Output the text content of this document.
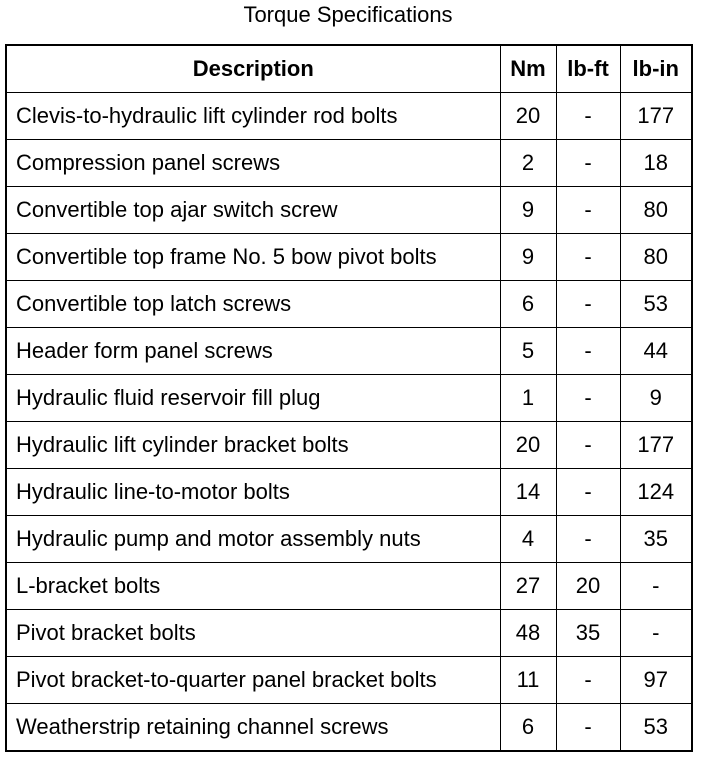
Torque Specifications
Description	Nm	lb-ft	lb-in
Clevis-to-hydraulic lift cylinder rod bolts	20	-	177
Compression panel screws	2	-	18
Convertible top ajar switch screw	9	-	80
Convertible top frame No. 5 bow pivot bolts	9	-	80
Convertible top latch screws	6	-	53
Header form panel screws	5	-	44
Hydraulic fluid reservoir fill plug	1	-	9
Hydraulic lift cylinder bracket bolts	20	-	177
Hydraulic line-to-motor bolts	14	-	124
Hydraulic pump and motor assembly nuts	4	-	35
L-bracket bolts	27	20	-
Pivot bracket bolts	48	35	-
Pivot bracket-to-quarter panel bracket bolts	11	-	97
Weatherstrip retaining channel screws	6	-	53
